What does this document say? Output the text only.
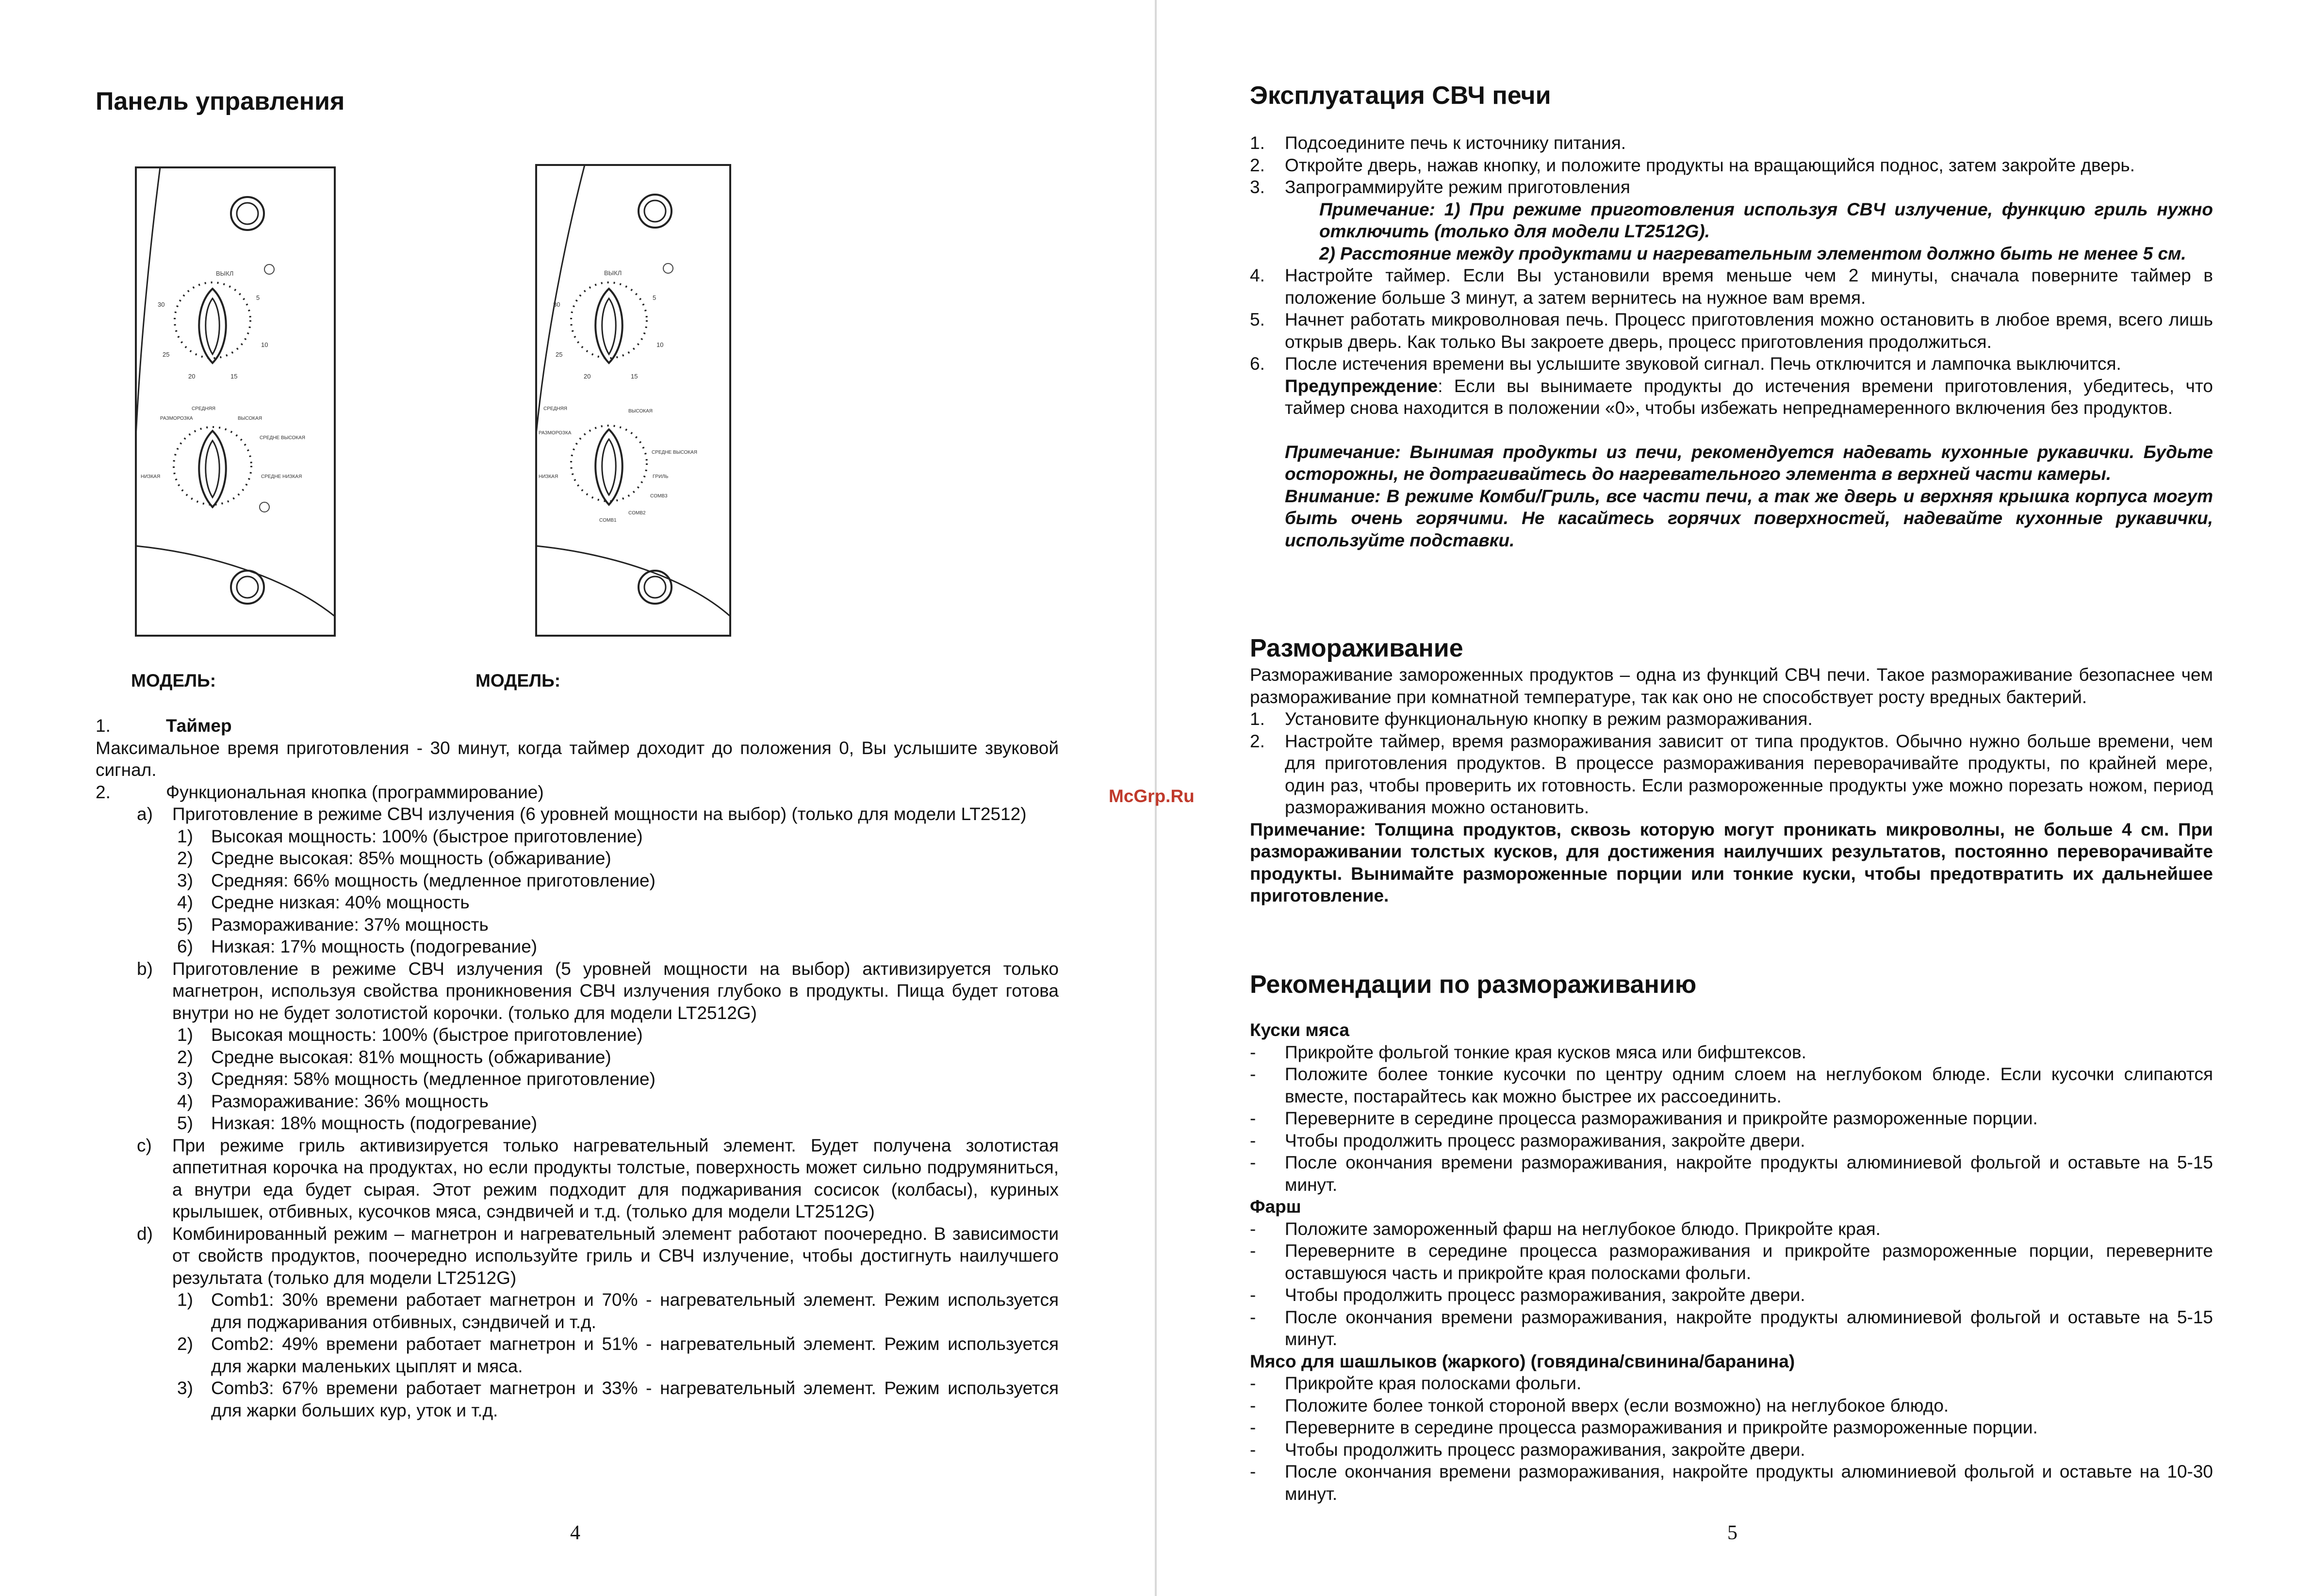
Панель управления
ВЫКЛ
5
10
15
20
25
30
РАЗМОРОЗКА
СРЕДНЯЯ
ВЫСОКАЯ
СРЕДНЕ ВЫСОКАЯ
СРЕДНЕ НИЗКАЯ
НИЗКАЯ
ВЫКЛ
5
10
15
20
25
30
РАЗМОРОЗКА
СРЕДНЯЯ	ВЫСОКАЯ
СРЕДНЕ ВЫСОКАЯ
ГРИЛЬ
COMB3
COMB2
COMB1
НИЗКАЯ
МОДЕЛЬ:	МОДЕЛЬ:
1.	Таймер
Максимальное время приготовления - 30 минут, когда таймер доходит до положения 0, Вы услышите звуковой сигнал.
2.	Функциональная кнопка (программирование)
a)	Приготовление в режиме СВЧ излучения (6 уровней мощности на выбор) (только для модели LT2512)
1)	Высокая мощность: 100% (быстрое приготовление)
2)	Средне высокая: 85% мощность (обжаривание)
3)	Средняя: 66% мощность (медленное приготовление)
4)	Средне низкая: 40% мощность
5)	Размораживание: 37% мощность
6)	Низкая: 17% мощность (подогревание)
b)	Приготовление в режиме СВЧ излучения (5 уровней мощности на выбор) активизируется только магнетрон, используя свойства проникновения СВЧ излучения глубоко в продукты. Пища будет готова внутри но не будет золотистой корочки. (только для модели LT2512G)
1)	Высокая мощность: 100% (быстрое приготовление)
2)	Средне высокая: 81% мощность (обжаривание)
3)	Средняя: 58% мощность (медленное приготовление)
4)	Размораживание: 36% мощность
5)	Низкая: 18% мощность (подогревание)
c)	При режиме гриль активизируется только нагревательный элемент. Будет получена золотистая аппетитная корочка на продуктах, но если продукты толстые, поверхность может сильно подрумяниться, а внутри еда будет сырая. Этот режим подходит для поджаривания сосисок (колбасы), куриных крылышек, отбивных, кусочков мяса, сэндвичей и т.д. (только для модели LT2512G)
d)	Комбинированный режим – магнетрон и нагревательный элемент работают поочередно. В зависимости от свойств продуктов, поочередно используйте гриль и СВЧ излучение, чтобы достигнуть наилучшего результата (только для модели LT2512G)
1)	Comb1: 30% времени работает магнетрон и 70% - нагревательный элемент. Режим используется для поджаривания отбивных, сэндвичей и т.д.
2)	Comb2: 49% времени работает магнетрон и 51% - нагревательный элемент. Режим используется для жарки маленьких цыплят и мяса.
3)	Comb3: 67% времени работает магнетрон и 33% - нагревательный элемент. Режим используется для жарки больших кур, уток и т.д.
4
McGrp.Ru
Эксплуатация СВЧ печи
1.	Подсоедините печь к источнику питания.
2.	Откройте дверь, нажав кнопку, и положите продукты на вращающийся поднос, затем закройте дверь.
3.	Запрограммируйте режим приготовления
Примечание: 1) При режиме приготовления используя СВЧ излучение, функцию гриль нужно отключить (только для модели LT2512G).
2) Расстояние между продуктами и нагревательным элементом должно быть не менее 5 см.
4.	Настройте таймер. Если Вы установили время меньше чем 2 минуты, сначала поверните таймер в положение больше 3 минут, а затем вернитесь на нужное вам время.
5.	Начнет работать микроволновая печь. Процесс приготовления можно остановить в любое время, всего лишь открыв дверь. Как только Вы закроете дверь, процесс приготовления продолжиться.
6.	После истечения времени вы услышите звуковой сигнал. Печь отключится и лампочка выключится.
Предупреждение: Если вы вынимаете продукты до истечения времени приготовления, убедитесь, что таймер снова находится в положении «0», чтобы избежать непреднамеренного включения без продуктов.
Примечание: Вынимая продукты из печи, рекомендуется надевать кухонные рукавички. Будьте осторожны, не дотрагивайтесь до нагревательного элемента в верхней части камеры.
Внимание: В режиме Комби/Гриль, все части печи, а так же дверь и верхняя крышка корпуса могут быть очень горячими. Не касайтесь горячих поверхностей, надевайте кухонные рукавички, используйте подставки.
Размораживание
Размораживание замороженных продуктов – одна из функций СВЧ печи. Такое размораживание безопаснее чем размораживание при комнатной температуре, так как оно не способствует росту вредных бактерий.
1.	Установите функциональную кнопку в режим размораживания.
2.	Настройте таймер, время размораживания зависит от типа продуктов. Обычно нужно больше времени, чем для приготовления продуктов. В процессе размораживания переворачивайте продукты, по крайней мере, один раз, чтобы проверить их готовность. Если размороженные продукты уже можно порезать ножом, период размораживания можно остановить.
Примечание: Толщина продуктов, сквозь которую могут проникать микроволны, не больше 4 см. При размораживании толстых кусков, для достижения наилучших результатов, постоянно переворачивайте продукты. Вынимайте размороженные порции или тонкие куски, чтобы предотвратить их дальнейшее приготовление.
Рекомендации по размораживанию
Куски мяса
-	Прикройте фольгой тонкие края кусков мяса или бифштексов.
-	Положите более тонкие кусочки по центру одним слоем на неглубоком блюде. Если кусочки слипаются вместе, постарайтесь как можно быстрее их рассоединить.
-	Переверните в середине процесса размораживания и прикройте размороженные порции.
-	Чтобы продолжить процесс размораживания, закройте двери.
-	После окончания времени размораживания, накройте продукты алюминиевой фольгой и оставьте на 5-15 минут.
Фарш
-	Положите замороженный фарш на неглубокое блюдо. Прикройте края.
-	Переверните в середине процесса размораживания и прикройте размороженные порции, переверните оставшуюся часть и прикройте края полосками фольги.
-	Чтобы продолжить процесс размораживания, закройте двери.
-	После окончания времени размораживания, накройте продукты алюминиевой фольгой и оставьте на 5-15 минут.
Мясо для шашлыков (жаркого) (говядина/свинина/баранина)
-	Прикройте края полосками фольги.
-	Положите более тонкой стороной вверх (если возможно) на неглубокое блюдо.
-	Переверните в середине процесса размораживания и прикройте размороженные порции.
-	Чтобы продолжить процесс размораживания, закройте двери.
-	После окончания времени размораживания, накройте продукты алюминиевой фольгой и оставьте на 10-30 минут.
5
